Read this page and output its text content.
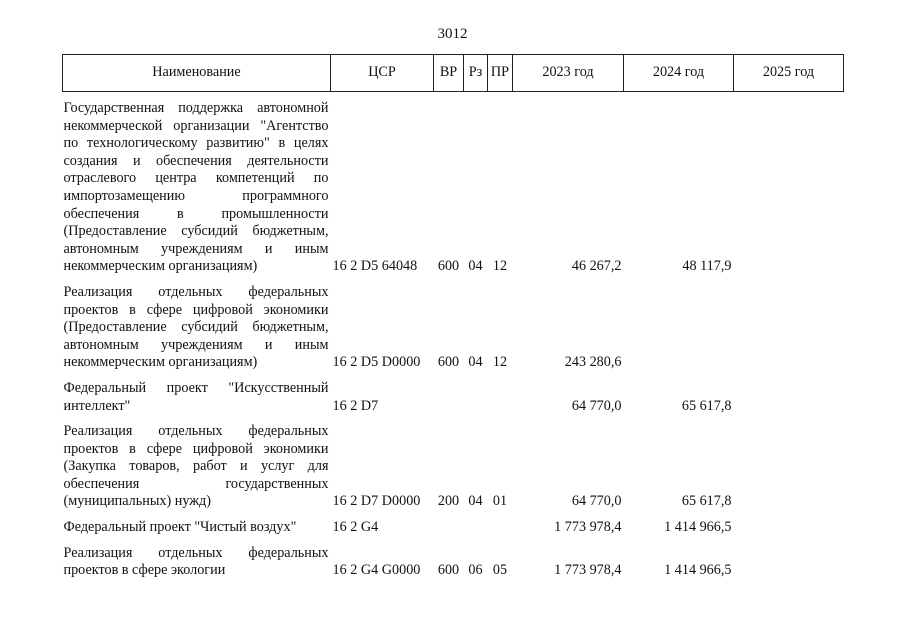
3012
Наименование	ЦСР	ВР	Рз	ПР	2023 год	2024 год	2025 год

Государственная поддержка автономной некоммерческой организации "Агентство по технологическому развитию" в целях создания и обеспечения деятельности отраслевого центра компетенций по импортозамещению программного обеспечения в промышленности (Предоставление субсидий бюджетным, автономным учреждениям и иным некоммерческим организациям)	16 2 D5 64048	600	04	12	46 267,2	48 117,9	

Реализация отдельных федеральных проектов в сфере цифровой экономики (Предоставление субсидий бюджетным, автономным учреждениям и иным некоммерческим организациям)	16 2 D5 D0000	600	04	12	243 280,6		

Федеральный проект "Искусственный интеллект"	16 2 D7				64 770,0	65 617,8	

Реализация отдельных федеральных проектов в сфере цифровой экономики (Закупка товаров, работ и услуг для обеспечения государственных (муниципальных) нужд)	16 2 D7 D0000	200	04	01	64 770,0	65 617,8	

Федеральный проект "Чистый воздух"	16 2 G4				1 773 978,4	1 414 966,5	

Реализация отдельных федеральных проектов в сфере экологии	16 2 G4 G0000	600	06	05	1 773 978,4	1 414 966,5	
